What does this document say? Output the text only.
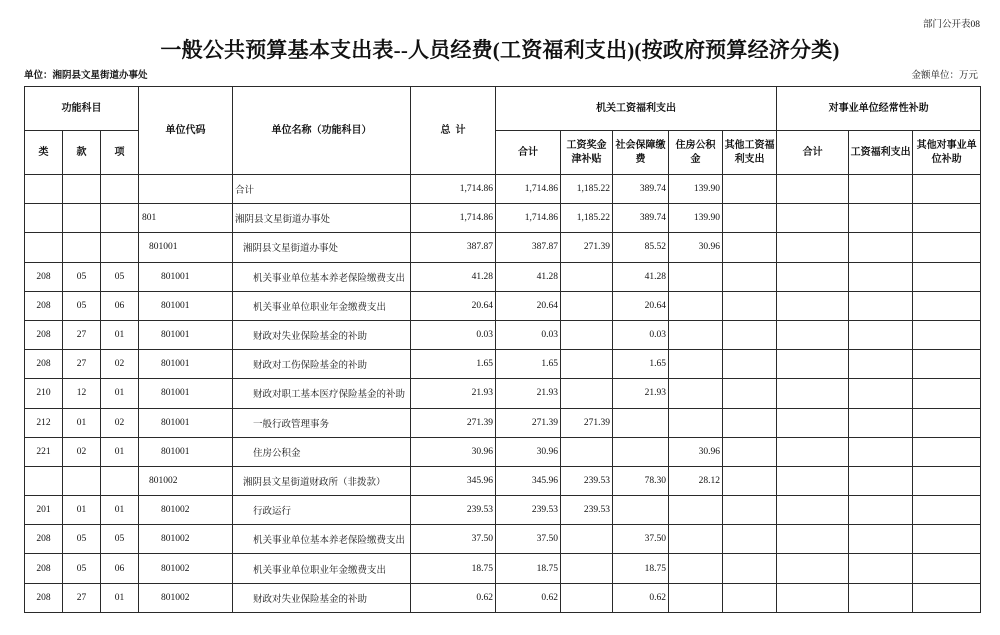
部门公开表08
一般公共预算基本支出表--人员经费(工资福利支出)(按政府预算经济分类)
单位：湘阴县文星街道办事处	金额单位：万元
功能科目			单位代码	单位名称（功能科目）	总  计	机关工资福利支出					对事业单位经常性补助		
类	款	项				合计	工资奖金津补贴	社会保障缴费	住房公积金	其他工资福利支出	合计	工资福利支出	其他对事业单位补助
				合计	1,714.86	1,714.86	1,185.22	389.74	139.90				
			801	湘阴县文星街道办事处	1,714.86	1,714.86	1,185.22	389.74	139.90				
			801001	湘阴县文星街道办事处	387.87	387.87	271.39	85.52	30.96				
208	05	05	801001	机关事业单位基本养老保险缴费支出	41.28	41.28		41.28					
208	05	06	801001	机关事业单位职业年金缴费支出	20.64	20.64		20.64					
208	27	01	801001	财政对失业保险基金的补助	0.03	0.03		0.03					
208	27	02	801001	财政对工伤保险基金的补助	1.65	1.65		1.65					
210	12	01	801001	财政对职工基本医疗保险基金的补助	21.93	21.93		21.93					
212	01	02	801001	一般行政管理事务	271.39	271.39	271.39						
221	02	01	801001	住房公积金	30.96	30.96			30.96				
			801002	湘阴县文星街道财政所（非拨款）	345.96	345.96	239.53	78.30	28.12				
201	01	01	801002	行政运行	239.53	239.53	239.53						
208	05	05	801002	机关事业单位基本养老保险缴费支出	37.50	37.50		37.50					
208	05	06	801002	机关事业单位职业年金缴费支出	18.75	18.75		18.75					
208	27	01	801002	财政对失业保险基金的补助	0.62	0.62		0.62					
